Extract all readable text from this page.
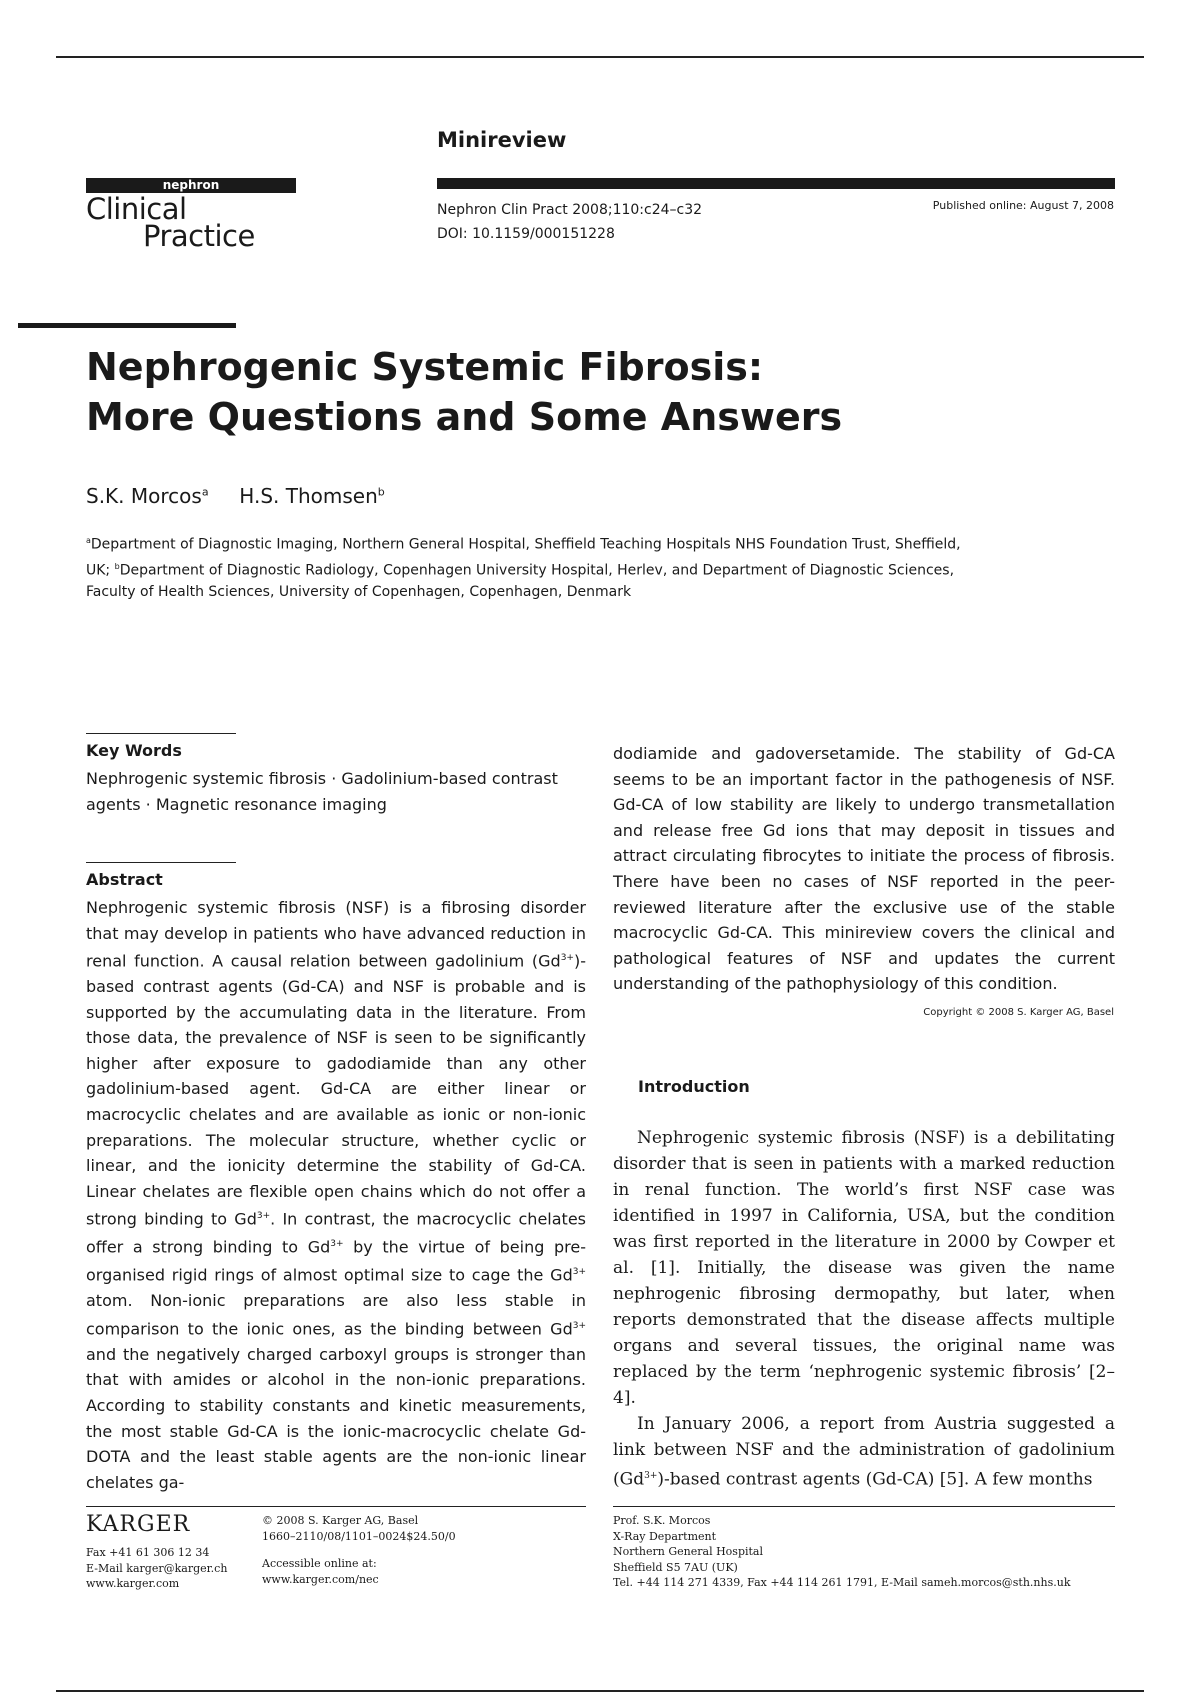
Minireview
nephron
Clinical
Practice
Nephron Clin Pract 2008;110:c24–c32
DOI: 10.1159/000151228
Published online: August 7, 2008
Nephrogenic Systemic Fibrosis:
More Questions and Some Answers
S.K. Morcos$^a$ H.S. Thomsen$^b$
$^a$Department of Diagnostic Imaging, Northern General Hospital, Sheffield Teaching Hospitals NHS Foundation Trust, Sheffield, UK; $^b$Department of Diagnostic Radiology, Copenhagen University Hospital, Herlev, and Department of Diagnostic Sciences, Faculty of Health Sciences, University of Copenhagen, Copenhagen, Denmark
Key Words
Nephrogenic systemic fibrosis · Gadolinium-based contrast agents · Magnetic resonance imaging
Abstract
Nephrogenic systemic fibrosis (NSF) is a fibrosing disorder that may develop in patients who have advanced reduction in renal function. A causal relation between gadolinium $(Gd^{3+})$-based contrast agents (Gd-CA) and NSF is probable and is supported by the accumulating data in the literature. From those data, the prevalence of NSF is seen to be significantly higher after exposure to gadodiamide than any other gadolinium-based agent. Gd-CA are either linear or macrocyclic chelates and are available as ionic or non-ionic preparations. The molecular structure, whether cyclic or linear, and the ionicity determine the stability of Gd-CA. Linear chelates are flexible open chains which do not offer a strong binding to $Gd^{3+}$. In contrast, the macrocyclic chelates offer a strong binding to $Gd^{3+}$ by the virtue of being pre-organised rigid rings of almost optimal size to cage the $Gd^{3+}$ atom. Non-ionic preparations are also less stable in comparison to the ionic ones, as the binding between $Gd^{3+}$ and the negatively charged carboxyl groups is stronger than that with amides or alcohol in the non-ionic preparations. According to stability constants and kinetic measurements, the most stable Gd-CA is the ionic-macrocyclic chelate Gd-DOTA and the least stable agents are the non-ionic linear chelates ga-
dodiamide and gadoversetamide. The stability of Gd-CA seems to be an important factor in the pathogenesis of NSF. Gd-CA of low stability are likely to undergo transmetallation and release free Gd ions that may deposit in tissues and attract circulating fibrocytes to initiate the process of fibrosis. There have been no cases of NSF reported in the peer-reviewed literature after the exclusive use of the stable macrocyclic Gd-CA. This minireview covers the clinical and pathological features of NSF and updates the current understanding of the pathophysiology of this condition.
Copyright © 2008 S. Karger AG, Basel
Introduction

Nephrogenic systemic fibrosis (NSF) is a debilitating disorder that is seen in patients with a marked reduction in renal function. The world’s first NSF case was identified in 1997 in California, USA, but the condition was first reported in the literature in 2000 by Cowper et al. [1]. Initially, the disease was given the name nephrogenic fibrosing dermopathy, but later, when reports demonstrated that the disease affects multiple organs and several tissues, the original name was replaced by the term ‘nephrogenic systemic fibrosis’ [2–4].

In January 2006, a report from Austria suggested a link between NSF and the administration of gadolinium $(Gd^{3+})$-based contrast agents (Gd-CA) [5]. A few months

KARGER
Fax +41 61 306 12 34
E-Mail karger@karger.ch
www.karger.com
© 2008 S. Karger AG, Basel
1660–2110/08/1101–0024$24.50/0
Accessible online at:
www.karger.com/nec
Prof. S.K. Morcos
X-Ray Department
Northern General Hospital
Sheffield S5 7AU (UK)
Tel. +44 114 271 4339, Fax +44 114 261 1791, E-Mail sameh.morcos@sth.nhs.uk
